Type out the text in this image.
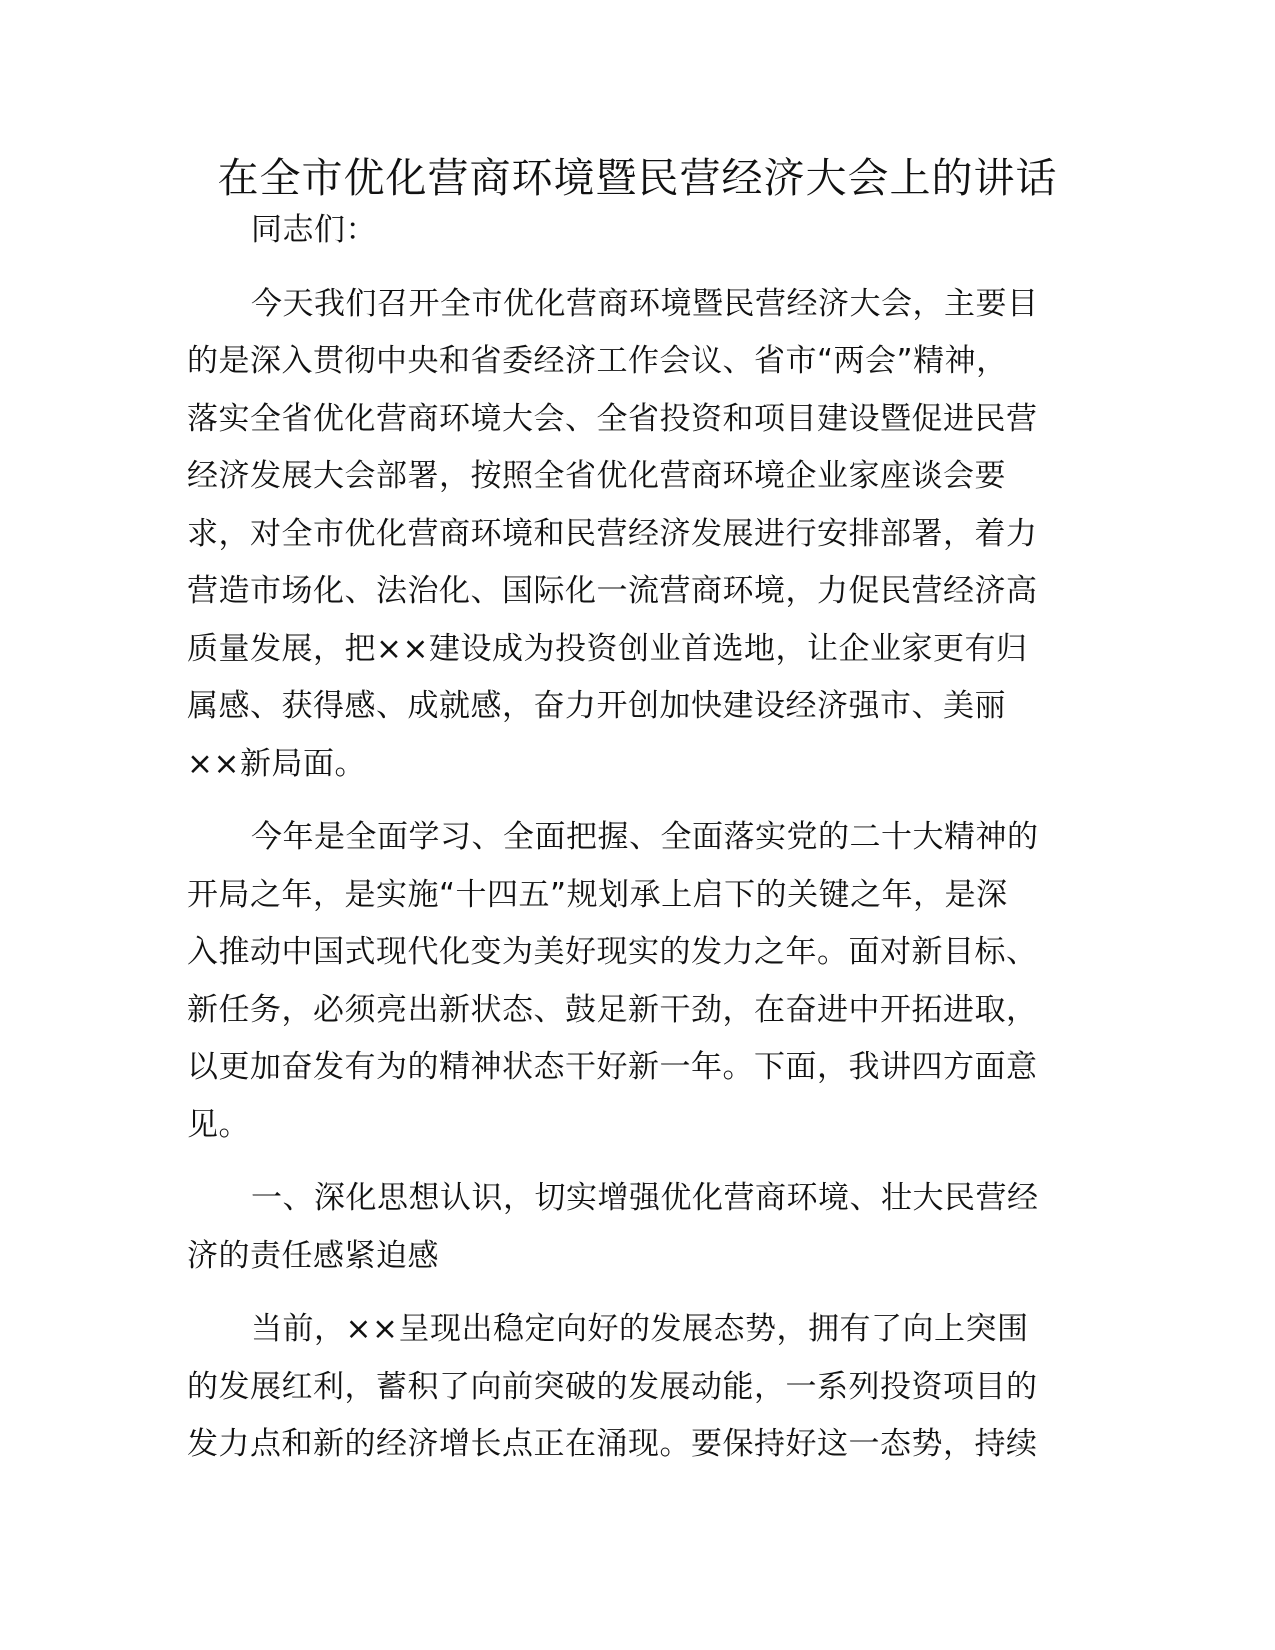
在全市优化营商环境暨民营经济大会上的讲话
同志们：
今天我们召开全市优化营商环境暨民营经济大会，主要目
的是深入贯彻中央和省委经济工作会议、省市“两会”精神，
落实全省优化营商环境大会、全省投资和项目建设暨促进民营
经济发展大会部署，按照全省优化营商环境企业家座谈会要
求，对全市优化营商环境和民营经济发展进行安排部署，着力
营造市场化、法治化、国际化一流营商环境，力促民营经济高
质量发展，把××建设成为投资创业首选地，让企业家更有归
属感、获得感、成就感，奋力开创加快建设经济强市、美丽
××新局面。
今年是全面学习、全面把握、全面落实党的二十大精神的
开局之年，是实施“十四五”规划承上启下的关键之年，是深
入推动中国式现代化变为美好现实的发力之年。面对新目标、
新任务，必须亮出新状态、鼓足新干劲，在奋进中开拓进取，
以更加奋发有为的精神状态干好新一年。下面，我讲四方面意
见。
一、深化思想认识，切实增强优化营商环境、壮大民营经
济的责任感紧迫感
当前，××呈现出稳定向好的发展态势，拥有了向上突围
的发展红利，蓄积了向前突破的发展动能，一系列投资项目的
发力点和新的经济增长点正在涌现。要保持好这一态势，持续
